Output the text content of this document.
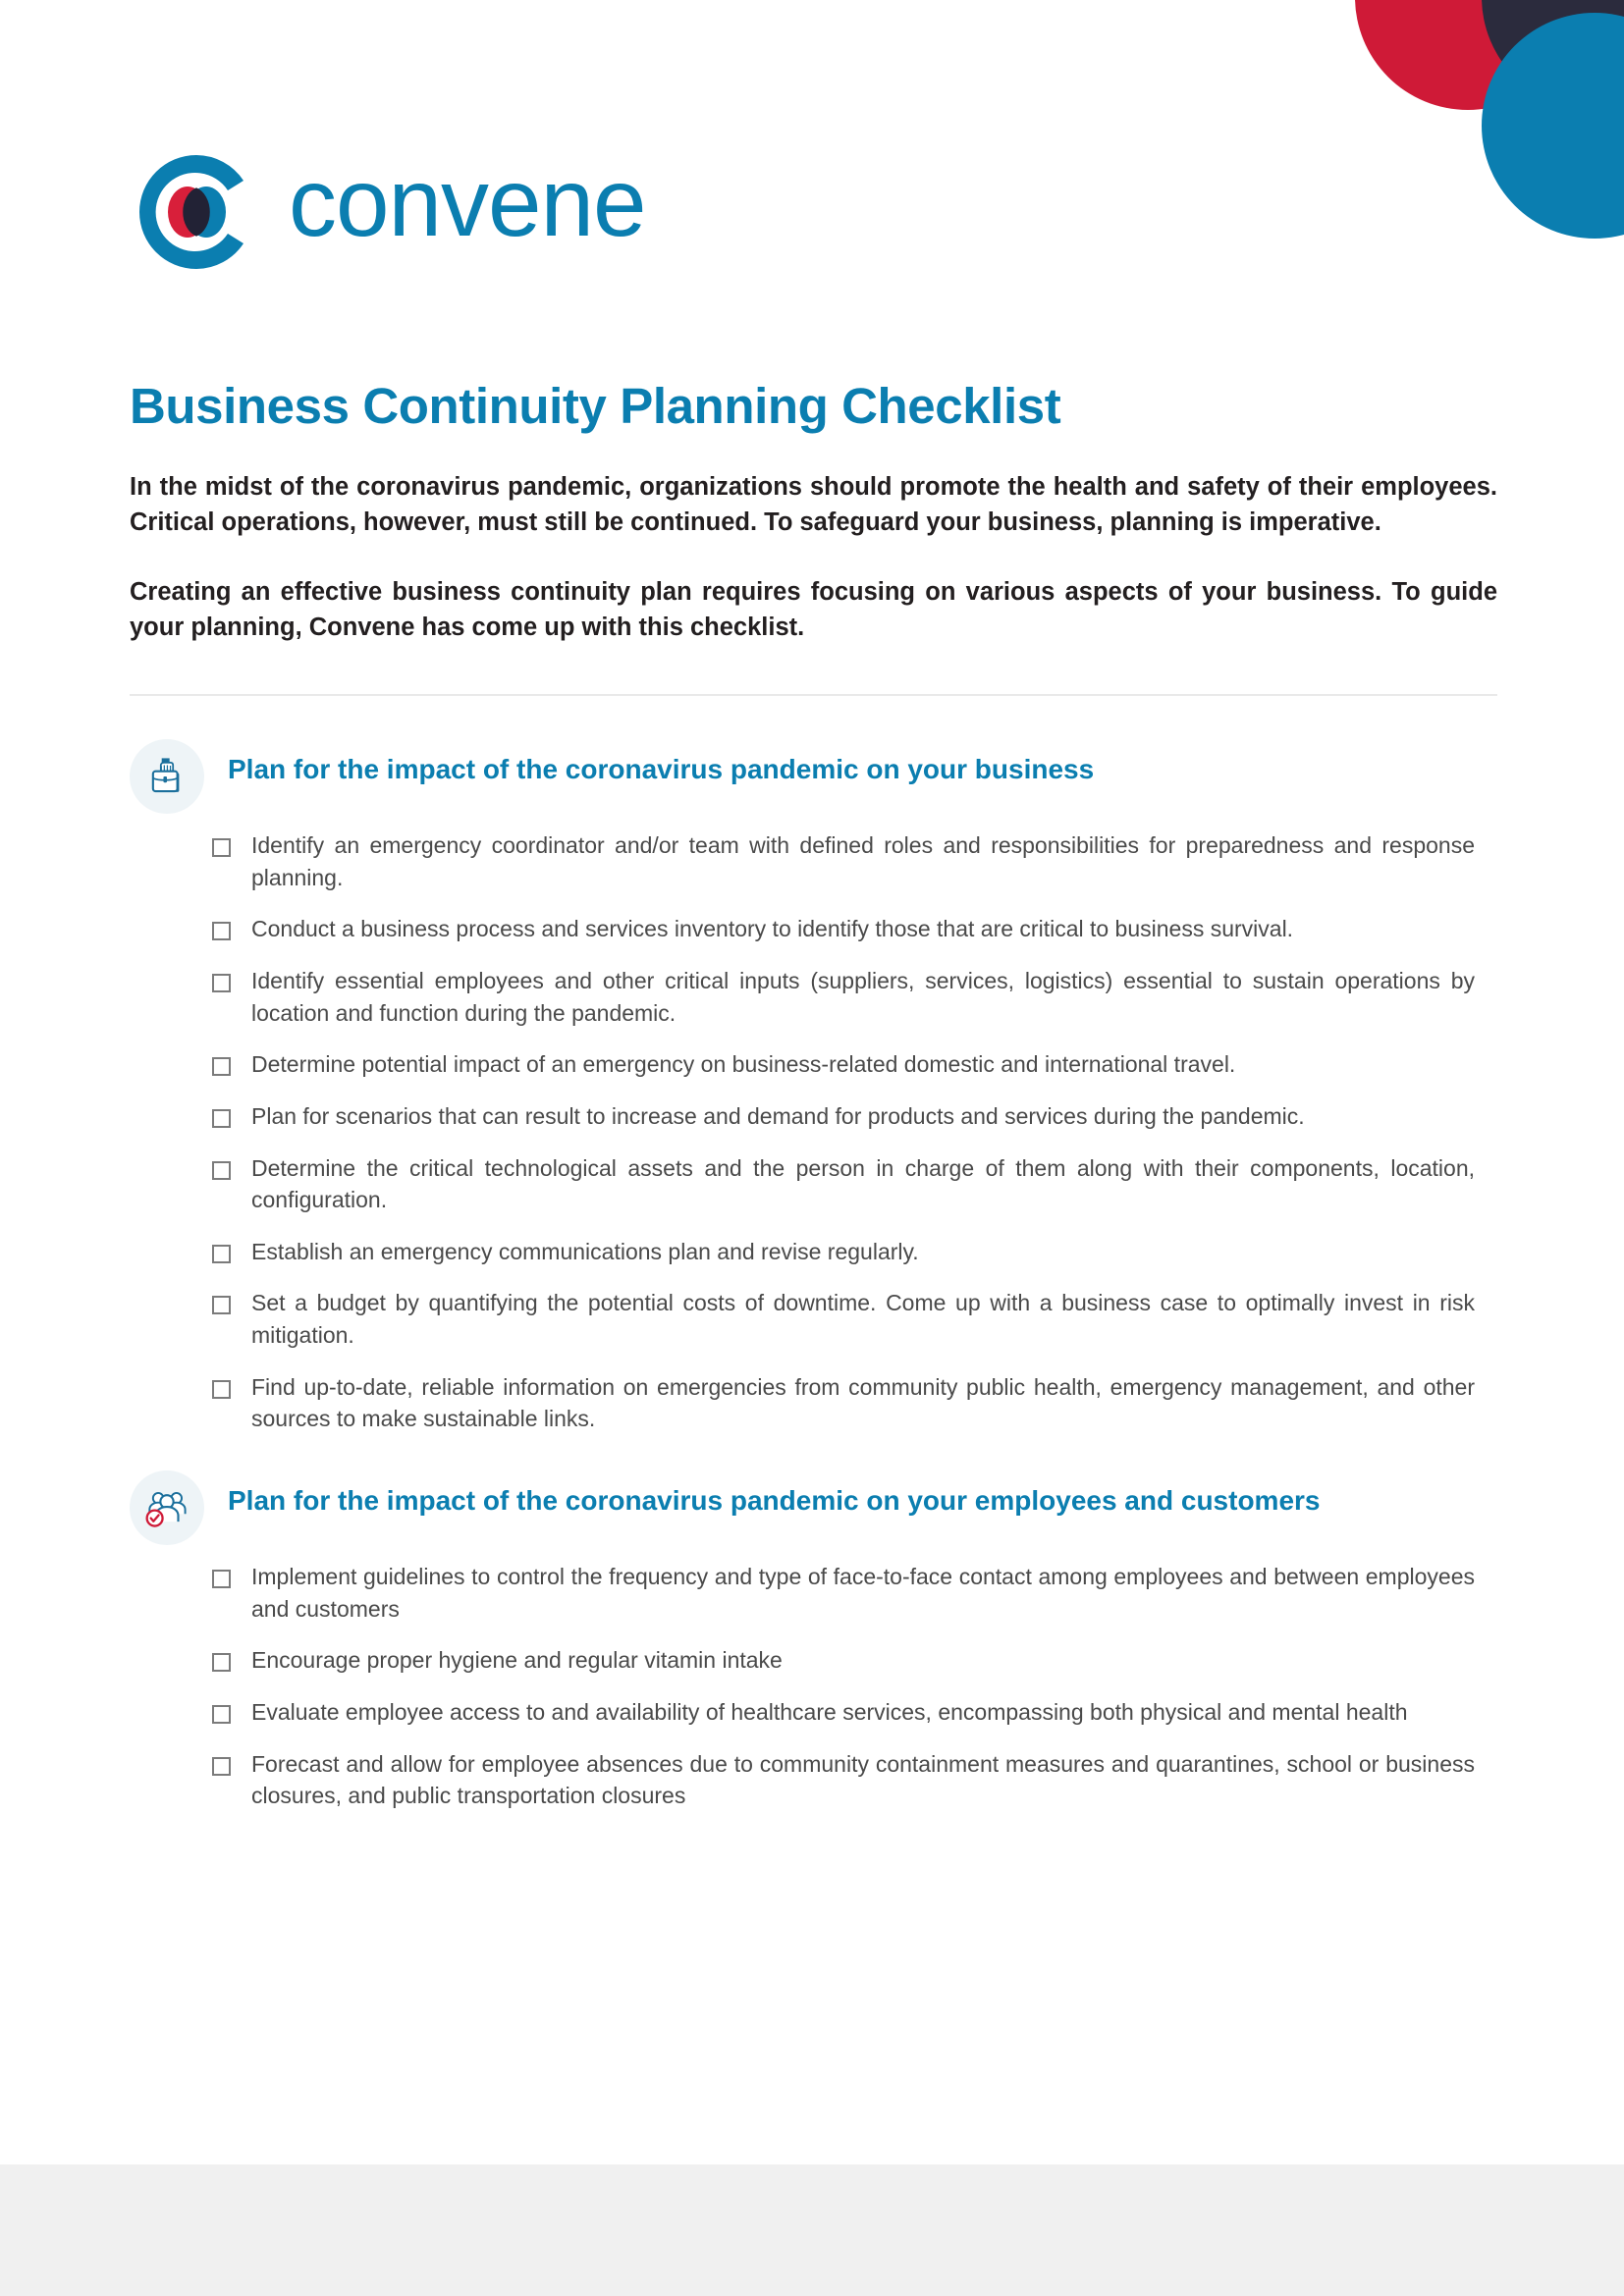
convene
Business Continuity Planning Checklist

In the midst of the coronavirus pandemic, organizations should promote the health and safety of their employees. Critical operations, however, must still be continued. To safeguard your business, planning is imperative.

Creating an effective business continuity plan requires focusing on various aspects of your business. To guide your planning, Convene has come up with this checklist.

Plan for the impact of the coronavirus pandemic on your business
Identify an emergency coordinator and/or team with defined roles and responsibilities for preparedness and response planning.
Conduct a business process and services inventory to identify those that are critical to business survival.
Identify essential employees and other critical inputs (suppliers, services, logistics) essential to sustain operations by location and function during the pandemic.
Determine potential impact of an emergency on business-related domestic and international travel.
Plan for scenarios that can result to increase and demand for products and services during the pandemic.
Determine the critical technological assets and the person in charge of them along with their components, location, configuration.
Establish an emergency communications plan and revise regularly.
Set a budget by quantifying the potential costs of downtime. Come up with a business case to optimally invest in risk mitigation.
Find up-to-date, reliable information on emergencies from community public health, emergency management, and other sources to make sustainable links.
Plan for the impact of the coronavirus pandemic on your employees and customers
Implement guidelines to control the frequency and type of face-to-face contact among employees and between employees and customers
Encourage proper hygiene and regular vitamin intake
Evaluate employee access to and availability of healthcare services, encompassing both physical and mental health
Forecast and allow for employee absences due to community containment measures and quarantines, school or business closures, and public transportation closures
